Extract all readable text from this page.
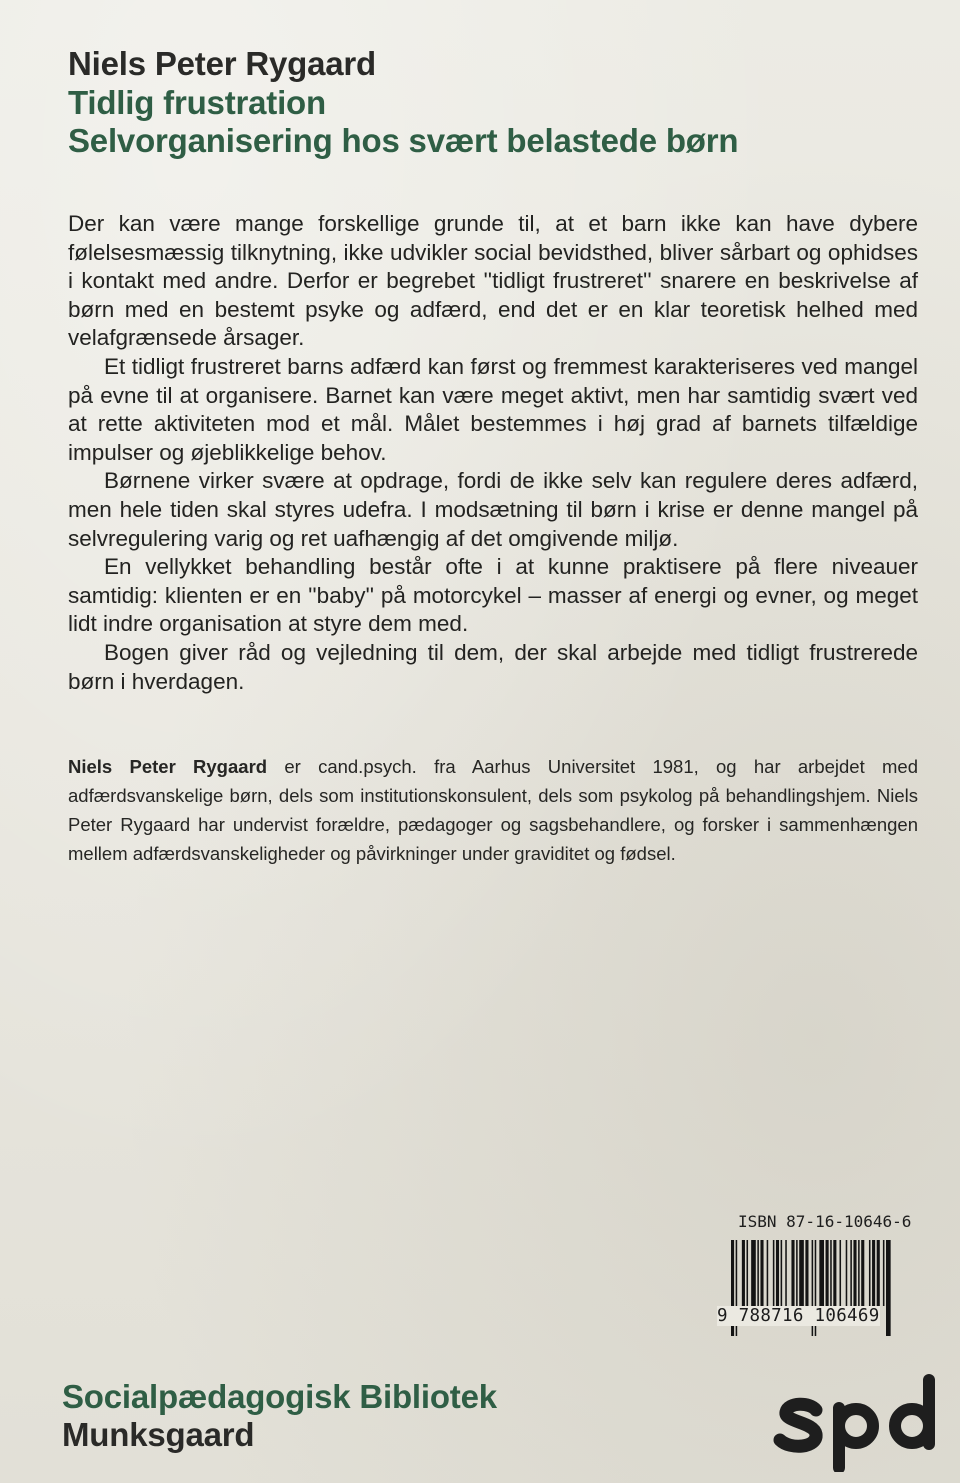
Niels Peter Rygaard
Tidlig frustration
Selvorganisering hos svært belastede børn

Der kan være mange forskellige grunde til, at et barn ikke kan have dybere følelsesmæssig tilknytning, ikke udvikler social bevidsthed, bliver sårbart og ophidses i kontakt med andre. Derfor er begrebet ''tidligt frustreret'' snarere en beskrivelse af børn med en bestemt psyke og adfærd, end det er en klar teoretisk helhed med velafgrænsede årsager.

Et tidligt frustreret barns adfærd kan først og fremmest karakteriseres ved mangel på evne til at organisere. Barnet kan være meget aktivt, men har samtidig svært ved at rette aktiviteten mod et mål. Målet bestemmes i høj grad af barnets tilfældige impulser og øjeblikkelige behov.

Børnene virker svære at opdrage, fordi de ikke selv kan regulere deres adfærd, men hele tiden skal styres udefra. I modsætning til børn i krise er denne mangel på selvregulering varig og ret uafhængig af det omgivende miljø.

En vellykket behandling består ofte i at kunne praktisere på flere niveauer samtidig: klienten er en ''baby'' på motorcykel – masser af energi og evner, og meget lidt indre organisation at styre dem med.

Bogen giver råd og vejledning til dem, der skal arbejde med tidligt frustrerede børn i hverdagen.

Niels Peter Rygaard er cand.psych. fra Aarhus Universitet 1981, og har arbejdet med adfærdsvanskelige børn, dels som institutionskonsulent, dels som psykolog på behandlingshjem. Niels Peter Rygaard har undervist forældre, pædagoger og sagsbehandlere, og forsker i sammenhængen mellem adfærdsvanskeligheder og påvirkninger under graviditet og fødsel.
ISBN 87-16-10646-6
9 788716 106469
Socialpædagogisk Bibliotek
Munksgaard
